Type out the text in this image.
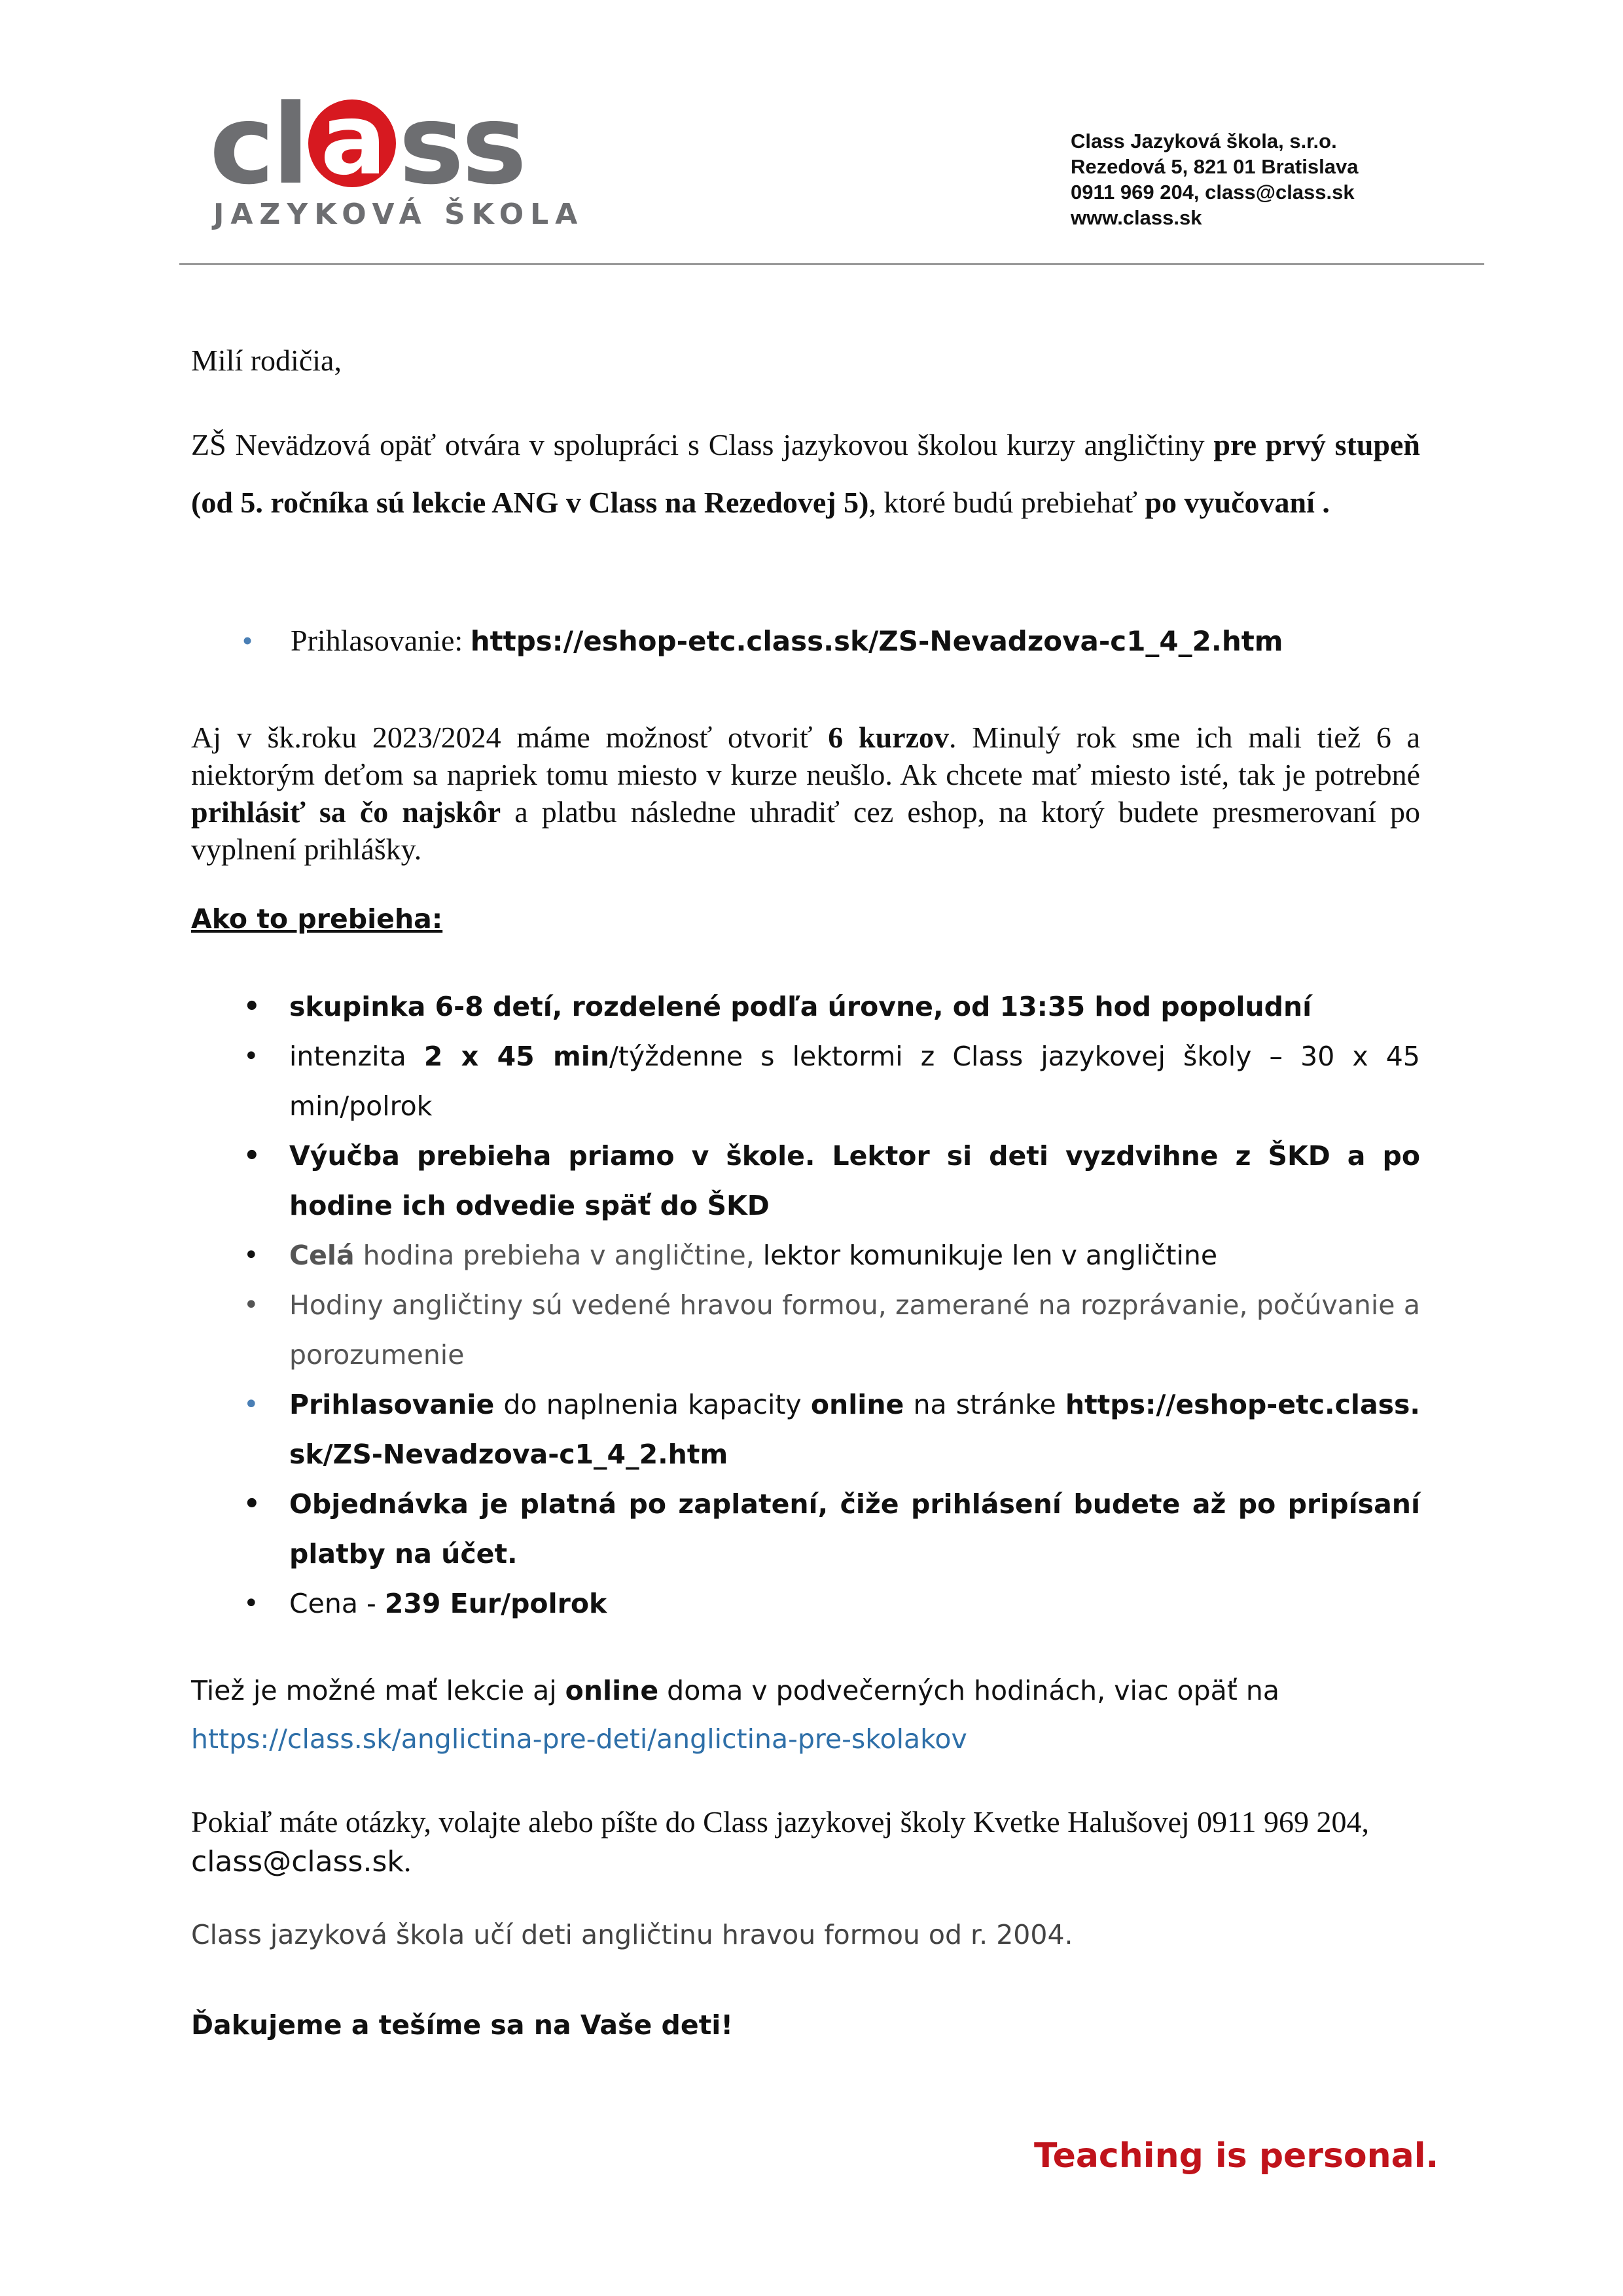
cl a ss
JAZYKOVÁ ŠKOLA
Class Jazyková škola, s.r.o.
Rezedová 5, 821 01 Bratislava
0911 969 204, class@class.sk
www.class.sk
Milí rodičia,
ZŠ Nevädzová opäť otvára v spolupráci s Class jazykovou školou kurzy angličtiny pre prvý stupeň (od 5. ročníka sú lekcie ANG v Class na Rezedovej 5), ktoré budú prebiehať po vyučovaní .
Prihlasovanie: https://eshop-etc.class.sk/ZS-Nevadzova-c1_4_2.htm
•
Aj v šk.roku 2023/2024 máme možnosť otvoriť 6 kurzov. Minulý rok sme ich mali tiež 6 a niektorým deťom sa napriek tomu miesto v kurze neušlo. Ak chcete mať miesto isté, tak je potrebné prihlásiť sa čo najskôr a platbu následne uhradiť cez eshop, na ktorý budete presmerovaní po vyplnení prihlášky.
Ako to prebieha:
• skupinka 6-8 detí, rozdelené podľa úrovne, od 13:35 hod popoludní
• intenzita 2 x 45 min/týždenne s lektormi z Class jazykovej školy – 30 x 45 min/polrok
• Výučba prebieha priamo v škole. Lektor si deti vyzdvihne z ŠKD a po hodine ich odvedie späť do ŠKD
• Celá hodina prebieha v angličtine, lektor komunikuje len v angličtine
• Hodiny angličtiny sú vedené hravou formou, zamerané na rozprávanie, počúvanie a porozumenie
• Prihlasovanie do naplnenia kapacity online na stránke https://eshop-etc.class.sk/ZS-Nevadzova-c1_4_2.htm
• Objednávka je platná po zaplatení, čiže prihlásení budete až po pripísaní platby na účet.
• Cena - 239 Eur/polrok
Tiež je možné mať lekcie aj online doma v podvečerných hodinách, viac opäť na
https://class.sk/anglictina-pre-deti/anglictina-pre-skolakov
Pokiaľ máte otázky, volajte alebo píšte do Class jazykovej školy Kvetke Halušovej 0911 969 204, class@class.sk.
Class jazyková škola učí deti angličtinu hravou formou od r. 2004.
Ďakujeme a tešíme sa na Vaše deti!
Teaching is personal.
